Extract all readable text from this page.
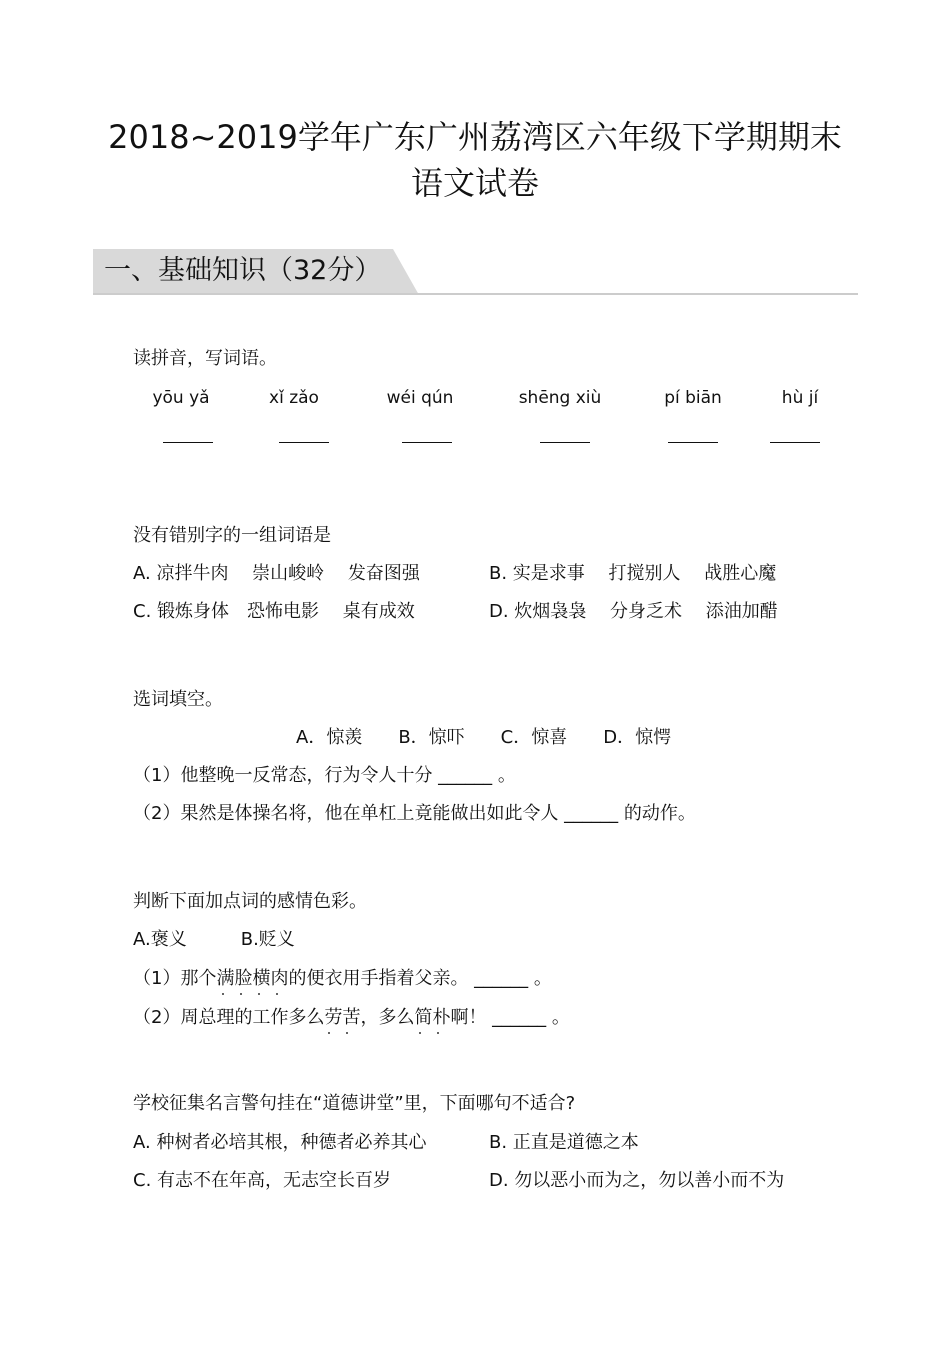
2018~2019学年广东广州荔湾区六年级下学期期末
语文试卷
一、基础知识（32分）
读拼音，写词语。
yōu yǎ	xǐ zǎo	wéi qún	shēng xiù	pí biān	hù jí
没有错别字的一组词语是
A. 凉拌牛肉　 崇山峻岭　 发奋图强	B. 实是求事　 打搅别人　 战胜心魔
C. 锻炼身体　恐怖电影　 桌有成效	D. 炊烟袅袅　 分身乏术　 添油加醋
选词填空。
A．惊羡　　B．惊吓　　C．惊喜　　D．惊愕
（1）他整晚一反常态，行为令人十分 ______ 。
（2）果然是体操名将，他在单杠上竟能做出如此令人 ______ 的动作。
判断下面加点词的感情色彩。
A.褒义　　　B.贬义
（1）那个满脸横肉的便衣用手指着父亲。 ______ 。
（2）周总理的工作多么劳苦，多么简朴啊！ ______ 。
学校征集名言警句挂在“道德讲堂”里，下面哪句不适合?
A. 种树者必培其根，种德者必养其心	B. 正直是道德之本
C. 有志不在年高，无志空长百岁	D. 勿以恶小而为之，勿以善小而不为
